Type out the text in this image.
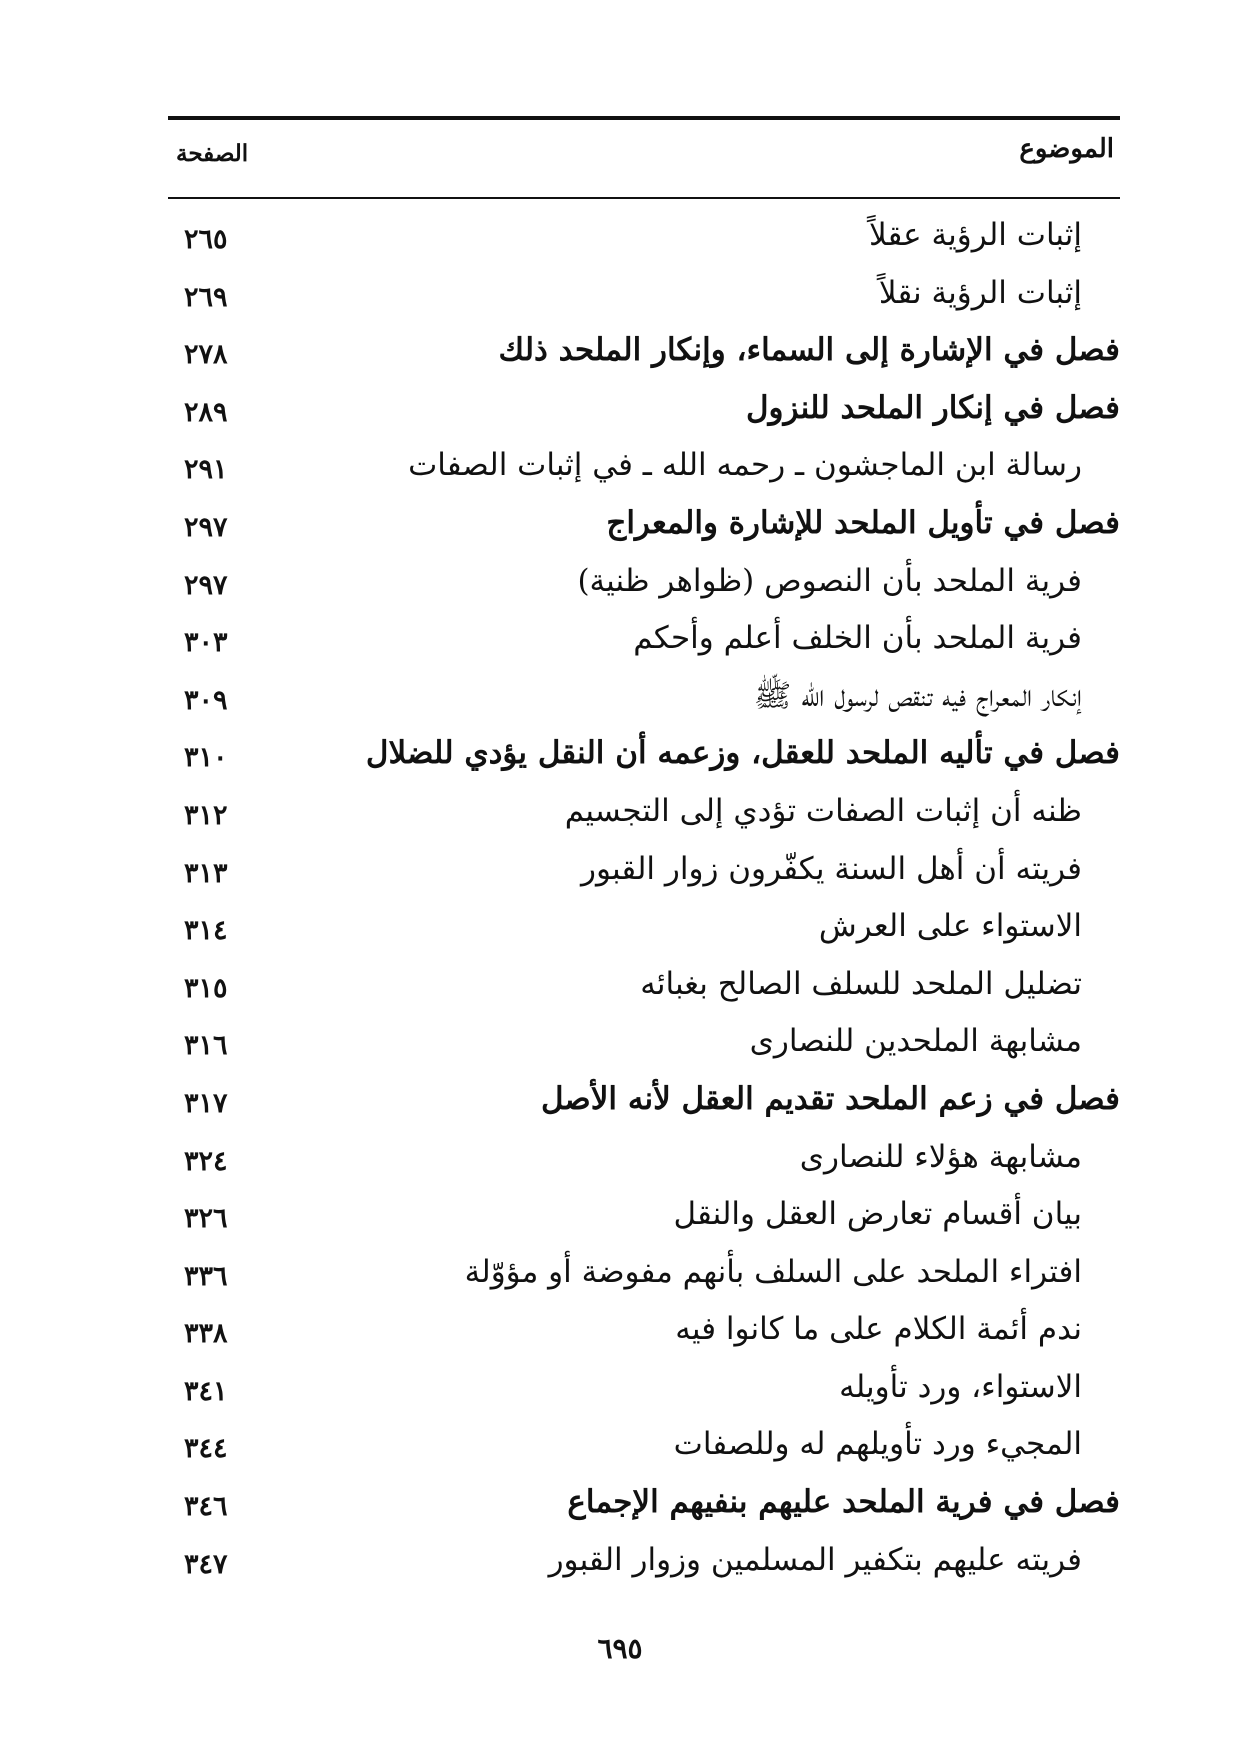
الموضوع
الصفحة
إثبات الرؤية عقلاً
٢٦٥
إثبات الرؤية نقلاً
٢٦٩
فصل في الإشارة إلى السماء، وإنكار الملحد ذلك
٢٧٨
فصل في إنكار الملحد للنزول
٢٨٩
رسالة ابن الماجشون ـ رحمه الله ـ في إثبات الصفات
٢٩١
فصل في تأويل الملحد للإشارة والمعراج
٢٩٧
فرية الملحد بأن النصوص (ظواهر ظنية)
٢٩٧
فرية الملحد بأن الخلف أعلم وأحكم
٣٠٣
إنكار المعراج فيه تنقص لرسول الله ﷺ
٣٠٩
فصل في تأليه الملحد للعقل، وزعمه أن النقل يؤدي للضلال
٣١٠
ظنه أن إثبات الصفات تؤدي إلى التجسيم
٣١٢
فريته أن أهل السنة يكفّرون زوار القبور
٣١٣
الاستواء على العرش
٣١٤
تضليل الملحد للسلف الصالح بغبائه
٣١٥
مشابهة الملحدين للنصارى
٣١٦
فصل في زعم الملحد تقديم العقل لأنه الأصل
٣١٧
مشابهة هؤلاء للنصارى
٣٢٤
بيان أقسام تعارض العقل والنقل
٣٢٦
افتراء الملحد على السلف بأنهم مفوضة أو مؤوّلة
٣٣٦
ندم أئمة الكلام على ما كانوا فيه
٣٣٨
الاستواء، ورد تأويله
٣٤١
المجيء ورد تأويلهم له وللصفات
٣٤٤
فصل في فرية الملحد عليهم بنفيهم الإجماع
٣٤٦
فريته عليهم بتكفير المسلمين وزوار القبور
٣٤٧
٦٩٥
